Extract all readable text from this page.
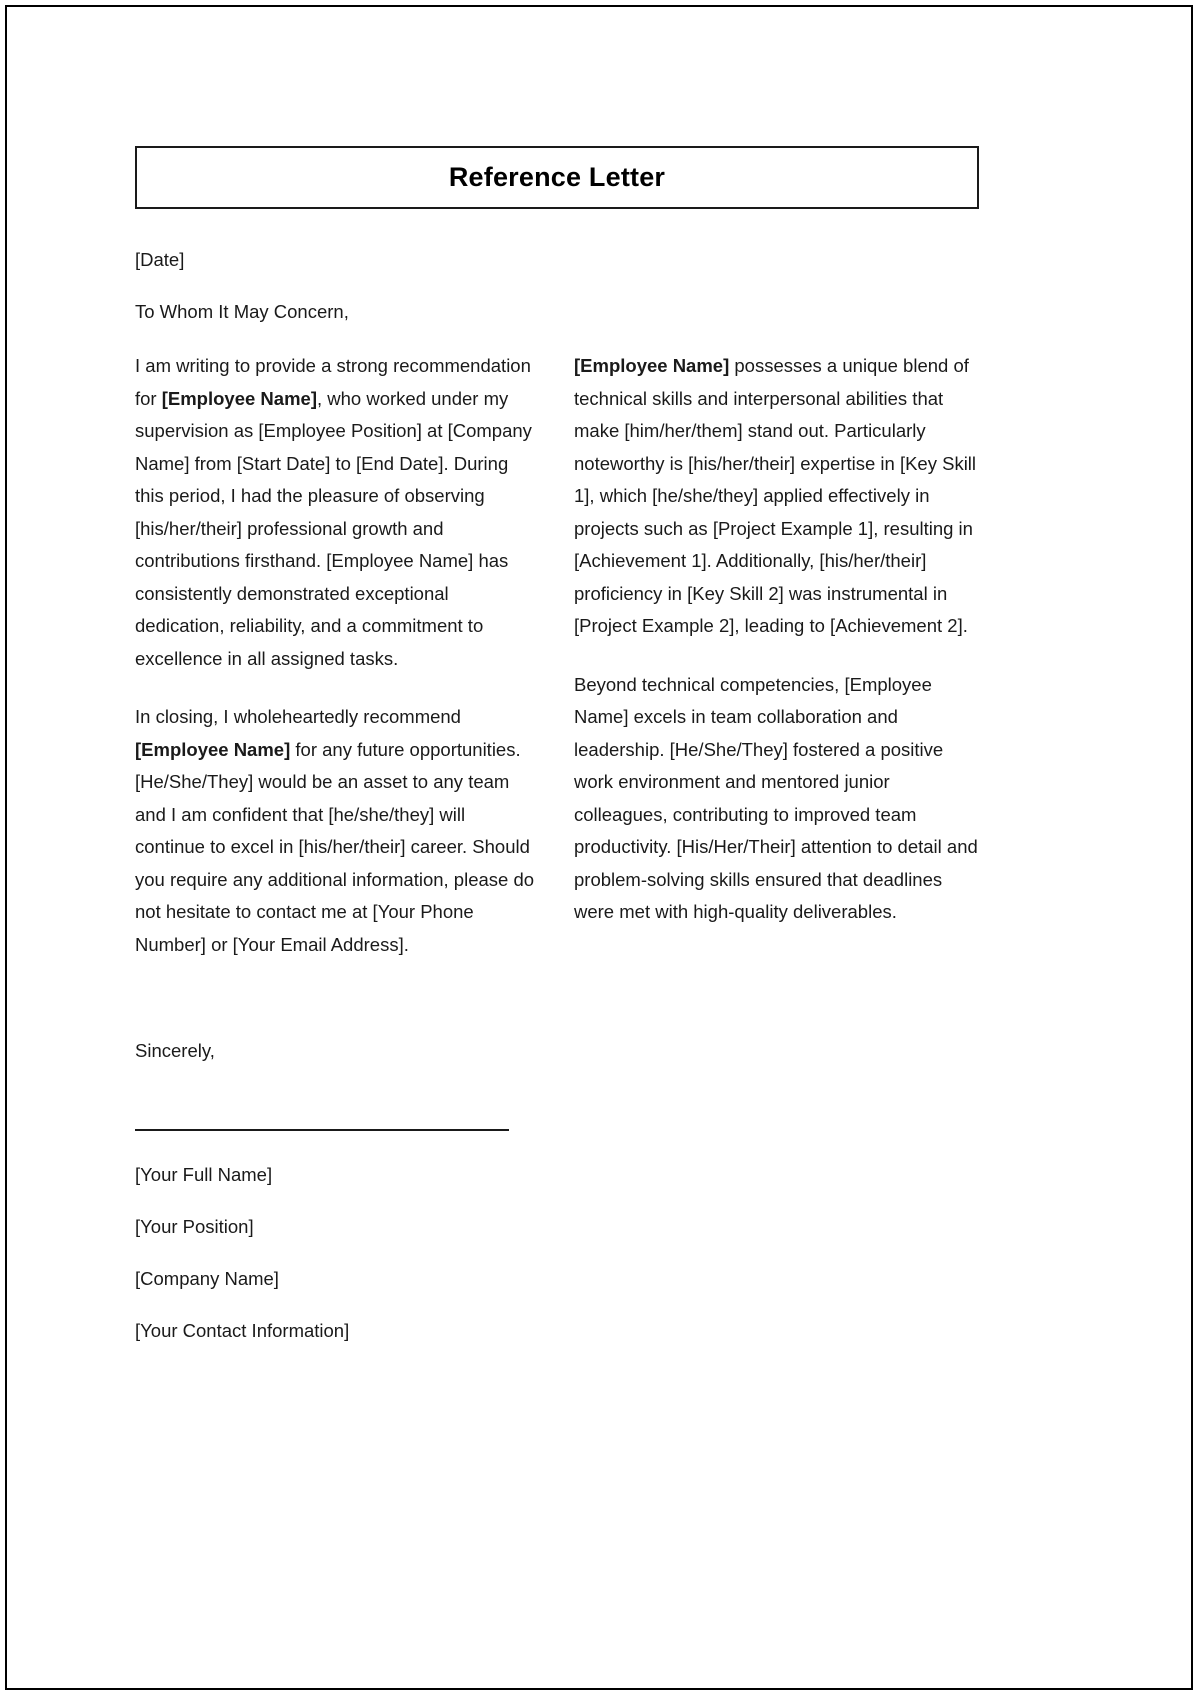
Reference Letter
[Date]
To Whom It May Concern,

I am writing to provide a strong recommendation for [Employee Name], who worked under my supervision as [Employee Position] at [Company Name] from [Start Date] to [End Date]. During this period, I had the pleasure of observing [his/her/their] professional growth and contributions firsthand. [Employee Name] has consistently demonstrated exceptional dedication, reliability, and a commitment to excellence in all assigned tasks.

In closing, I wholeheartedly recommend [Employee Name] for any future opportunities. [He/She/They] would be an asset to any team and I am confident that [he/she/they] will continue to excel in [his/her/their] career. Should you require any additional information, please do not hesitate to contact me at [Your Phone Number] or [Your Email Address].

[Employee Name] possesses a unique blend of technical skills and interpersonal abilities that make [him/her/them] stand out. Particularly noteworthy is [his/her/their] expertise in [Key Skill 1], which [he/she/they] applied effectively in projects such as [Project Example 1], resulting in [Achievement 1]. Additionally, [his/her/their] proficiency in [Key Skill 2] was instrumental in [Project Example 2], leading to [Achievement 2].

Beyond technical competencies, [Employee Name] excels in team collaboration and leadership. [He/She/They] fostered a positive work environment and mentored junior colleagues, contributing to improved team productivity. [His/Her/Their] attention to detail and problem-solving skills ensured that deadlines were met with high-quality deliverables.

Sincerely,
[Your Full Name]
[Your Position]
[Company Name]
[Your Contact Information]
